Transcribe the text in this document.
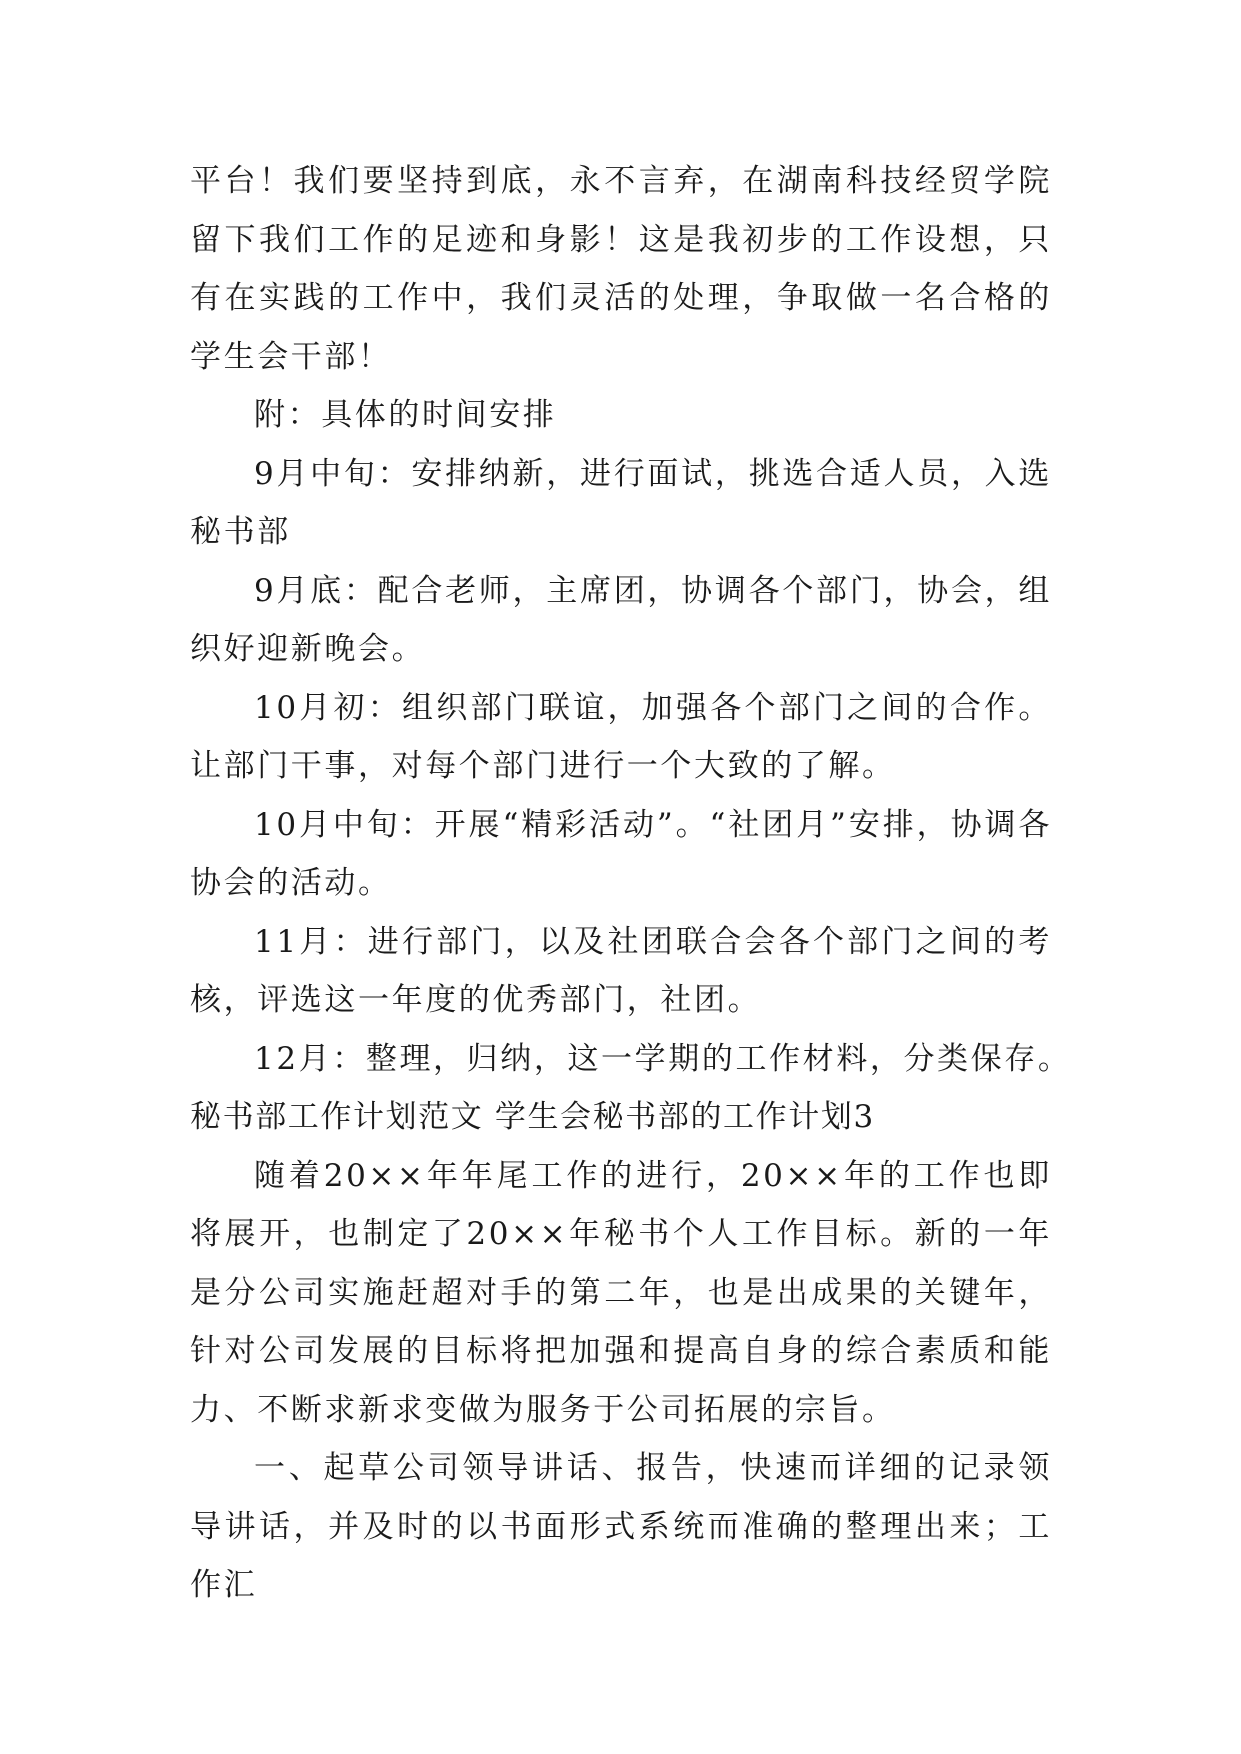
平台！我们要坚持到底，永不言弃，在湖南科技经贸学院留下我们工作的足迹和身影！这是我初步的工作设想，只有在实践的工作中，我们灵活的处理，争取做一名合格的学生会干部！

附：具体的时间安排

9月中旬：安排纳新，进行面试，挑选合适人员，入选秘书部

9月底：配合老师，主席团，协调各个部门，协会，组织好迎新晚会。

10月初：组织部门联谊，加强各个部门之间的合作。让部门干事，对每个部门进行一个大致的了解。

10月中旬：开展“精彩活动”。“社团月”安排，协调各协会的活动。

11月：进行部门，以及社团联合会各个部门之间的考核，评选这一年度的优秀部门，社团。

12月：整理，归纳，这一学期的工作材料，分类保存。

秘书部工作计划范文 学生会秘书部的工作计划3

随着20××年年尾工作的进行，20××年的工作也即将展开，也制定了20××年秘书个人工作目标。新的一年是分公司实施赶超对手的第二年，也是出成果的关键年，针对公司发展的目标将把加强和提高自身的综合素质和能力、不断求新求变做为服务于公司拓展的宗旨。

一、起草公司领导讲话、报告，快速而详细的记录领导讲话，并及时的以书面形式系统而准确的整理出来；工作汇
